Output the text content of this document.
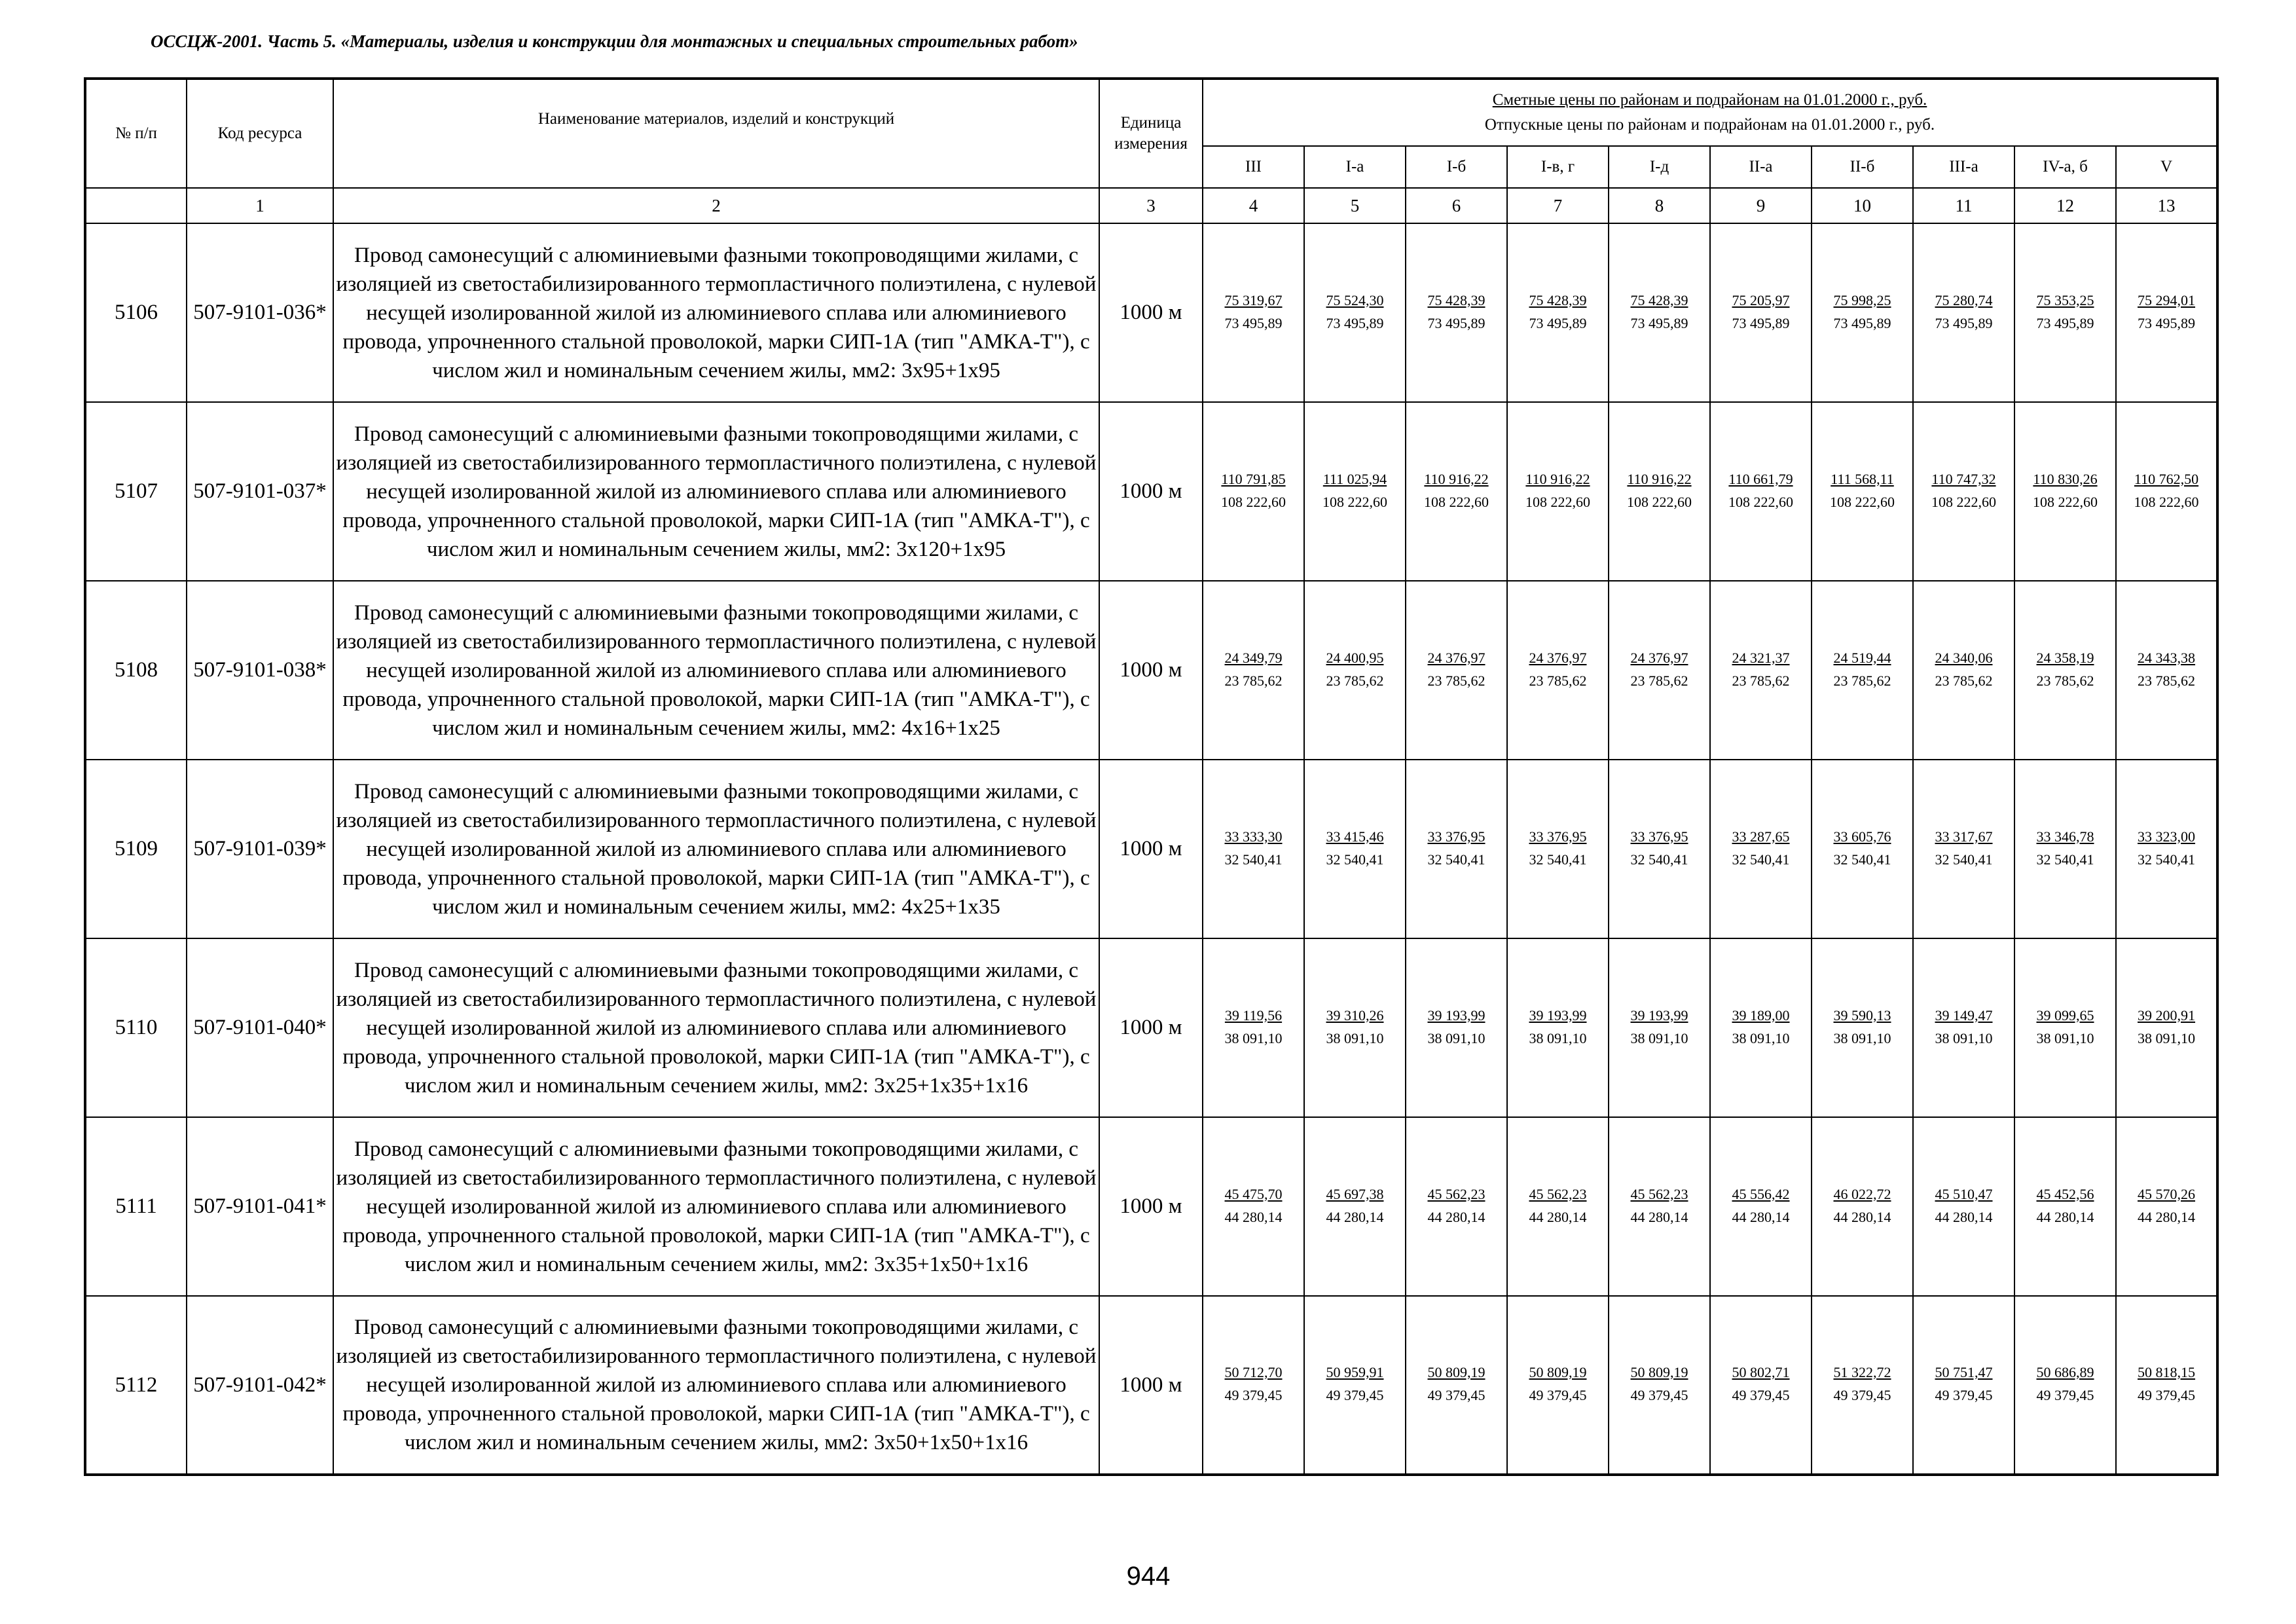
ОССЦЖ-2001. Часть 5. «Материалы, изделия и конструкции для монтажных и специальных строительных работ»
№ п/п	Код ресурса	Наименование материалов, изделий и конструкций	Единица измерения	Сметные цены по районам и подрайонам на 01.01.2000 г., руб.
Отпускные цены по районам и подрайонам на 01.01.2000 г., руб.									

				III	I-а	I-б	I-в, г	I-д	II-а	II-б	III-а	IV-а, б	V
	1	2	3	4	5	6	7	8	9	10	11	12	13
5106	507-9101-036*	Провод самонесущий с алюминиевыми фазными токопроводящими жилами, с изоляцией из светостабилизированного термопластичного полиэтилена, с нулевой несущей изолированной жилой из алюминиевого сплава или алюминиевого провода, упрочненного стальной проволокой, марки СИП-1А (тип "АМКА-Т"), с числом жил и номинальным сечением жилы, мм2: 3х95+1х95	1000 м	75 319,67
73 495,89	75 524,30
73 495,89	75 428,39
73 495,89	75 428,39
73 495,89	75 428,39
73 495,89	75 205,97
73 495,89	75 998,25
73 495,89	75 280,74
73 495,89	75 353,25
73 495,89	75 294,01
73 495,89

5107	507-9101-037*	Провод самонесущий с алюминиевыми фазными токопроводящими жилами, с изоляцией из светостабилизированного термопластичного полиэтилена, с нулевой несущей изолированной жилой из алюминиевого сплава или алюминиевого провода, упрочненного стальной проволокой, марки СИП-1А (тип "АМКА-Т"), с числом жил и номинальным сечением жилы, мм2: 3х120+1х95	1000 м	110 791,85
108 222,60	111 025,94
108 222,60	110 916,22
108 222,60	110 916,22
108 222,60	110 916,22
108 222,60	110 661,79
108 222,60	111 568,11
108 222,60	110 747,32
108 222,60	110 830,26
108 222,60	110 762,50
108 222,60

5108	507-9101-038*	Провод самонесущий с алюминиевыми фазными токопроводящими жилами, с изоляцией из светостабилизированного термопластичного полиэтилена, с нулевой несущей изолированной жилой из алюминиевого сплава или алюминиевого провода, упрочненного стальной проволокой, марки СИП-1А (тип "АМКА-Т"), с числом жил и номинальным сечением жилы, мм2: 4х16+1х25	1000 м	24 349,79
23 785,62	24 400,95
23 785,62	24 376,97
23 785,62	24 376,97
23 785,62	24 376,97
23 785,62	24 321,37
23 785,62	24 519,44
23 785,62	24 340,06
23 785,62	24 358,19
23 785,62	24 343,38
23 785,62

5109	507-9101-039*	Провод самонесущий с алюминиевыми фазными токопроводящими жилами, с изоляцией из светостабилизированного термопластичного полиэтилена, с нулевой несущей изолированной жилой из алюминиевого сплава или алюминиевого провода, упрочненного стальной проволокой, марки СИП-1А (тип "АМКА-Т"), с числом жил и номинальным сечением жилы, мм2: 4х25+1х35	1000 м	33 333,30
32 540,41	33 415,46
32 540,41	33 376,95
32 540,41	33 376,95
32 540,41	33 376,95
32 540,41	33 287,65
32 540,41	33 605,76
32 540,41	33 317,67
32 540,41	33 346,78
32 540,41	33 323,00
32 540,41

5110	507-9101-040*	Провод самонесущий с алюминиевыми фазными токопроводящими жилами, с изоляцией из светостабилизированного термопластичного полиэтилена, с нулевой несущей изолированной жилой из алюминиевого сплава или алюминиевого провода, упрочненного стальной проволокой, марки СИП-1А (тип "АМКА-Т"), с числом жил и номинальным сечением жилы, мм2: 3х25+1х35+1х16	1000 м	39 119,56
38 091,10	39 310,26
38 091,10	39 193,99
38 091,10	39 193,99
38 091,10	39 193,99
38 091,10	39 189,00
38 091,10	39 590,13
38 091,10	39 149,47
38 091,10	39 099,65
38 091,10	39 200,91
38 091,10

5111	507-9101-041*	Провод самонесущий с алюминиевыми фазными токопроводящими жилами, с изоляцией из светостабилизированного термопластичного полиэтилена, с нулевой несущей изолированной жилой из алюминиевого сплава или алюминиевого провода, упрочненного стальной проволокой, марки СИП-1А (тип "АМКА-Т"), с числом жил и номинальным сечением жилы, мм2: 3х35+1х50+1х16	1000 м	45 475,70
44 280,14	45 697,38
44 280,14	45 562,23
44 280,14	45 562,23
44 280,14	45 562,23
44 280,14	45 556,42
44 280,14	46 022,72
44 280,14	45 510,47
44 280,14	45 452,56
44 280,14	45 570,26
44 280,14

5112	507-9101-042*	Провод самонесущий с алюминиевыми фазными токопроводящими жилами, с изоляцией из светостабилизированного термопластичного полиэтилена, с нулевой несущей изолированной жилой из алюминиевого сплава или алюминиевого провода, упрочненного стальной проволокой, марки СИП-1А (тип "АМКА-Т"), с числом жил и номинальным сечением жилы, мм2: 3х50+1х50+1х16	1000 м	50 712,70
49 379,45	50 959,91
49 379,45	50 809,19
49 379,45	50 809,19
49 379,45	50 809,19
49 379,45	50 802,71
49 379,45	51 322,72
49 379,45	50 751,47
49 379,45	50 686,89
49 379,45	50 818,15
49 379,45
944
